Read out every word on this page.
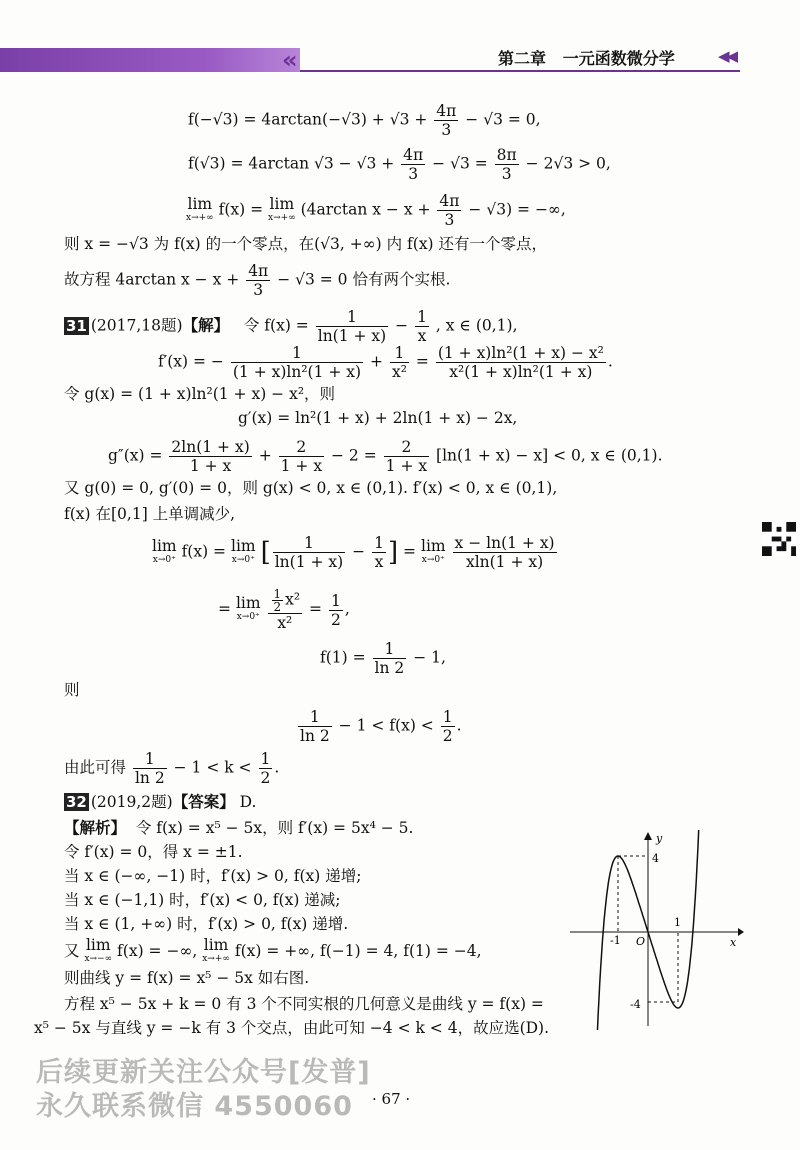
«	第二章 一元函数微分学	◀◀
$f(-√3) = 4\arctan(-√3) + √3 + \frac{4\pi}{3} - √3 = 0$,
f(√3) = 4arctan $√3 - √3 + \frac{4\pi}{3} - √3 = \frac{8\pi}{3} - 2√3 > 0$,
lim
x→+∞ f(x) = lim
x→+∞ (4arctan $x - x + \frac{4\pi}{3} - √3$) = −∞,
则 x = −√3 为 f(x) 的一个零点，在(√3, +∞) 内 f(x) 还有一个零点，
故方程 4arctan $x - x + \frac{4\pi}{3} - √3 = 0$ 恰有两个实根.
31 (2017,18题)【解】 令 $f(x) = \frac{1}{\ln(1 + x)} - \frac{1}{x}$ , x ∈ (0,1),
f′(x) = − $\frac{1}{\text{(1 + x)ln²(1 + x)}} + \frac{1}{\text{x²}} = \frac{\text{(1 + x)ln²(1 + x) − x²}}{\text{x²(1 + x)ln²(1 + x)}}$ .
令 g(x) = (1 + x)ln²(1 + x) − x²，则
g′(x) = ln²(1 + x) + 2ln(1 + x) − 2x,
$g''(x) = \frac{2\ln(1 + x)}{1 + x} + \frac{2}{1 + x} - 2 = \frac{2}{1 + x} [\ln(1 + x) - x] < 0$, x ∈ (0,1).
又 g(0) = 0, g′(0) = 0，则 g(x) < 0, x ∈ (0,1). f′(x) < 0, x ∈ (0,1),
f(x) 在[0,1] 上单调减少,
lim
x→0⁺ f(x) = lim
x→0⁺ [ $\frac{1}{\ln(1 + x)} - \frac{1}{x}$ ] = lim
x→0⁺
$\frac{x - \ln(1 + x)}{xln(1 + x)}$
= lim
x→0⁺
$\frac{\frac{1}{2} x^2}{\text{x²}} = \frac{1}{2}$ ,
$f(1) = \frac{1}{\ln 2} - 1$,
则
$\frac{1}{\ln 2} - 1 < f(x) < \frac{1}{2}$ .
由此可得 $\frac{1}{\ln 2} - 1 < k < \frac{1}{2}$ .
32 (2019,2题)【答案】 D.
【解析】 令 f(x) = x⁵ − 5x，则 f′(x) = 5x⁴ − 5.
令 f′(x) = 0，得 x = ±1.
当 x ∈ (−∞, −1) 时，f′(x) > 0, f(x) 递增;
当 x ∈ (−1,1) 时，f′(x) < 0, f(x) 递减;
当 x ∈ (1, +∞) 时，f′(x) > 0, f(x) 递增.
又 lim
x→−∞ f(x) = −∞, lim
x→+∞ f(x) = +∞, f(−1) = 4, f(1) = −4,
则曲线 y = f(x) = x⁵ − 5x 如右图.
方程 x⁵ − 5x + k = 0 有 3 个不同实根的几何意义是曲线 y = f(x) =
x⁵ − 5x 与直线 y = −k 有 3 个交点，由此可知 −4 < k < 4，故应选(D).
y
x
O
4
-4
-1
1
后续更新关注公众号[发普]
永久联系微信 4550060 · 67 ·
